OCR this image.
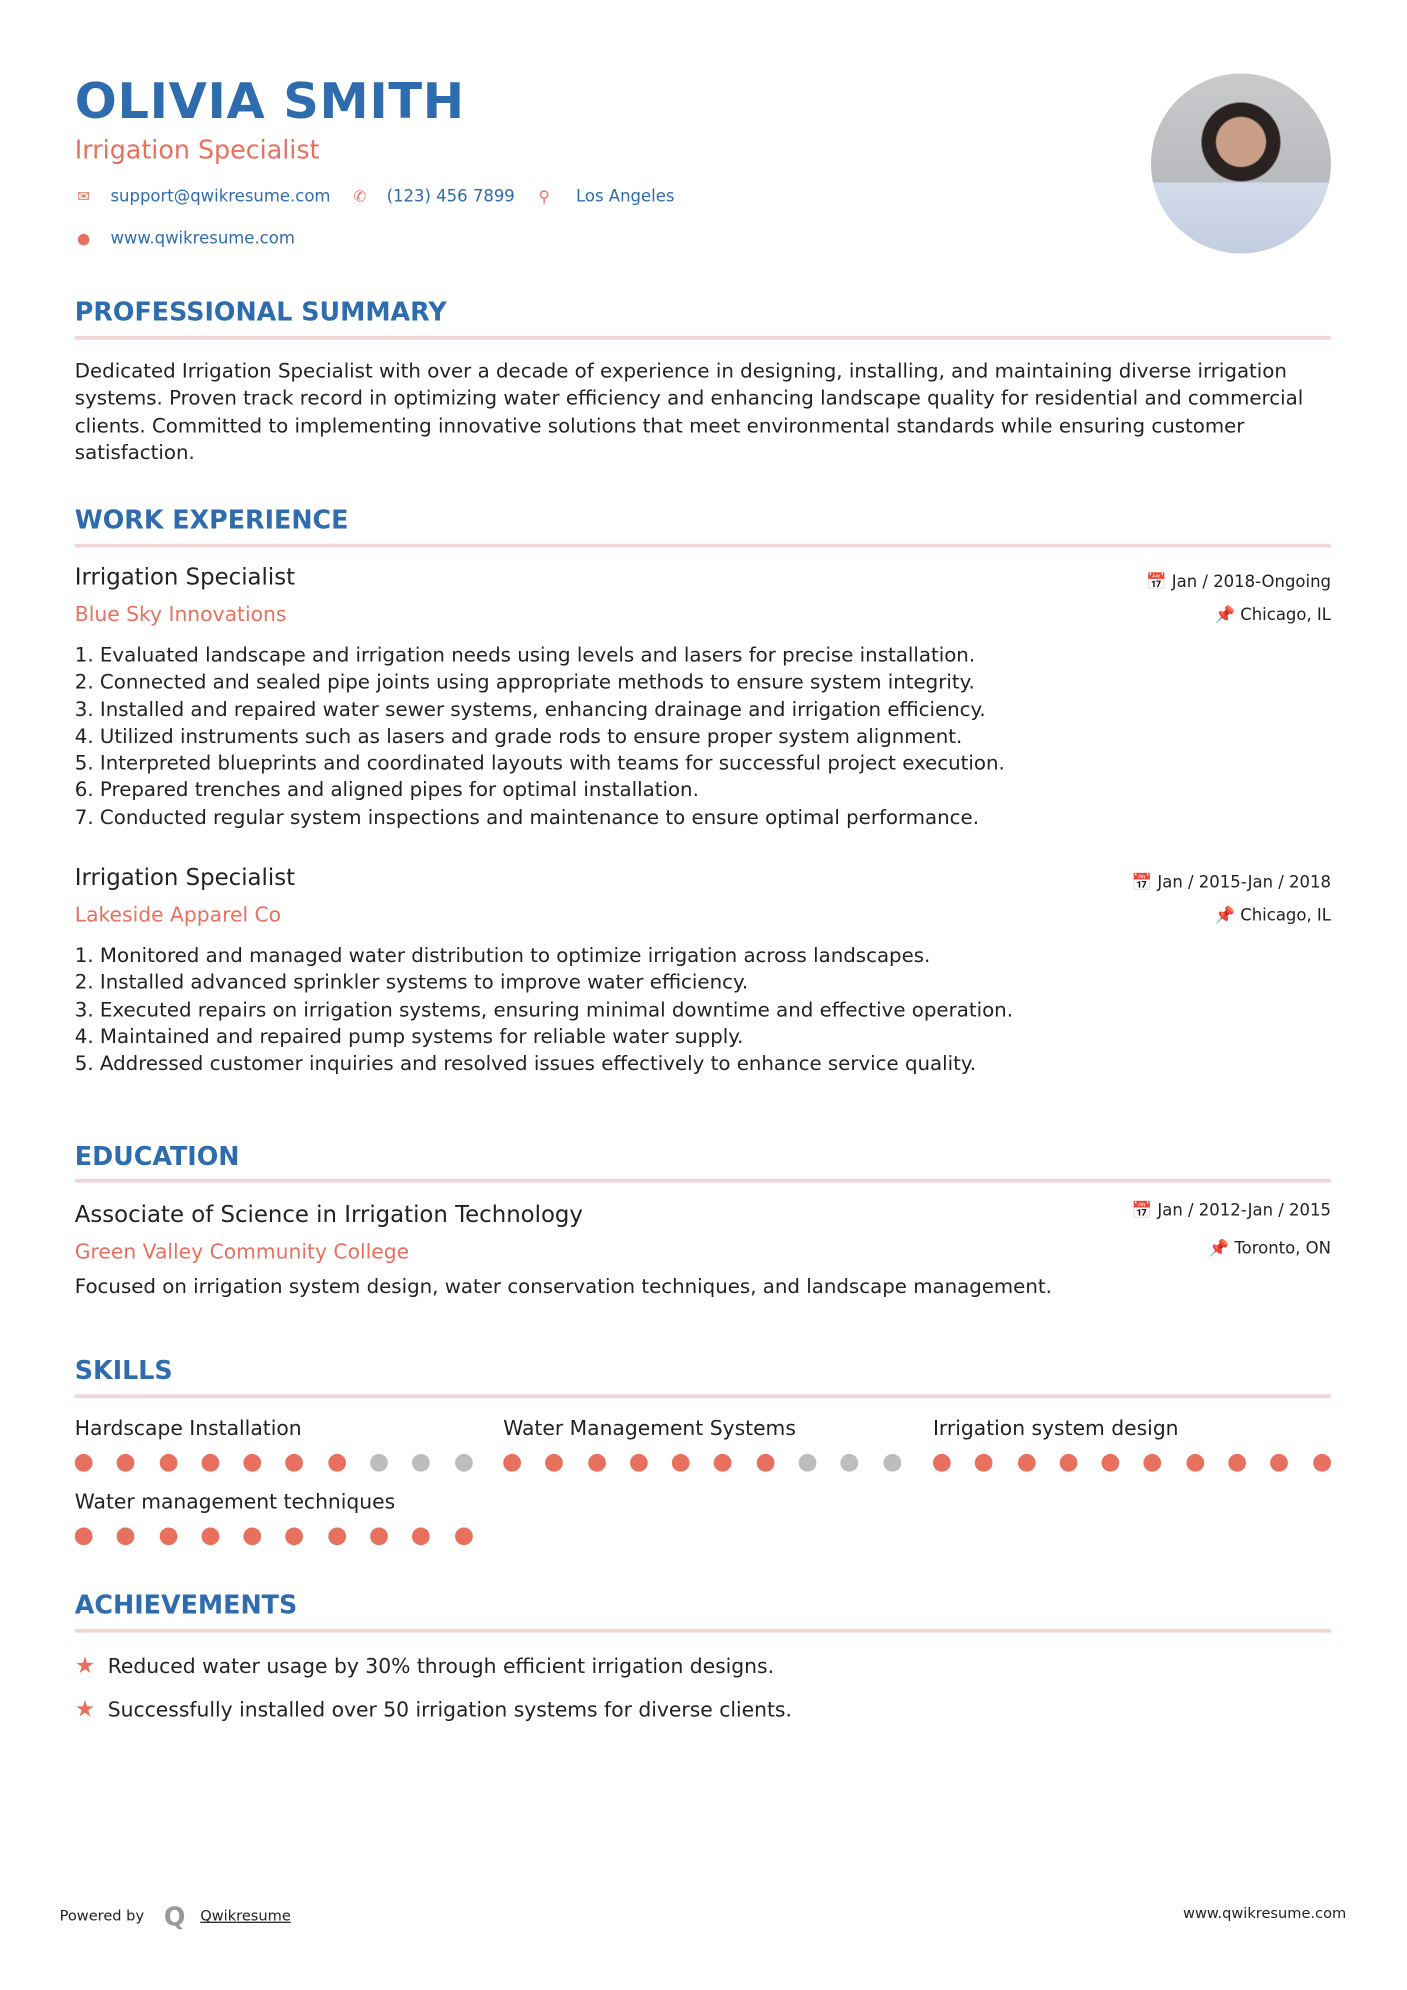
OLIVIA SMITH
Irrigation Specialist
✉ support@qwikresume.com ✆ (123) 456 7899 ⚲ Los Angeles
● www.qwikresume.com
PROFESSIONAL SUMMARY
Dedicated Irrigation Specialist with over a decade of experience in designing, installing, and maintaining diverse irrigation systems. Proven track record in optimizing water efficiency and enhancing landscape quality for residential and commercial clients. Committed to implementing innovative solutions that meet environmental standards while ensuring customer satisfaction.
WORK EXPERIENCE
Irrigation Specialist
Blue Sky Innovations
📅 Jan / 2018-Ongoing
📌 Chicago, IL
1. Evaluated landscape and irrigation needs using levels and lasers for precise installation.
2. Connected and sealed pipe joints using appropriate methods to ensure system integrity.
3. Installed and repaired water sewer systems, enhancing drainage and irrigation efficiency.
4. Utilized instruments such as lasers and grade rods to ensure proper system alignment.
5. Interpreted blueprints and coordinated layouts with teams for successful project execution.
6. Prepared trenches and aligned pipes for optimal installation.
7. Conducted regular system inspections and maintenance to ensure optimal performance.
Irrigation Specialist
Lakeside Apparel Co
📅 Jan / 2015-Jan / 2018
📌 Chicago, IL
1. Monitored and managed water distribution to optimize irrigation across landscapes.
2. Installed advanced sprinkler systems to improve water efficiency.
3. Executed repairs on irrigation systems, ensuring minimal downtime and effective operation.
4. Maintained and repaired pump systems for reliable water supply.
5. Addressed customer inquiries and resolved issues effectively to enhance service quality.
EDUCATION
Associate of Science in Irrigation Technology
Green Valley Community College
📅 Jan / 2012-Jan / 2015
📌 Toronto, ON
Focused on irrigation system design, water conservation techniques, and landscape management.
SKILLS
Hardscape Installation	Water Management Systems	Irrigation system design
Water management techniques
ACHIEVEMENTS
★ Reduced water usage by 30% through efficient irrigation designs.
★ Successfully installed over 50 irrigation systems for diverse clients.
Powered by Q Qwikresume	www.qwikresume.com
